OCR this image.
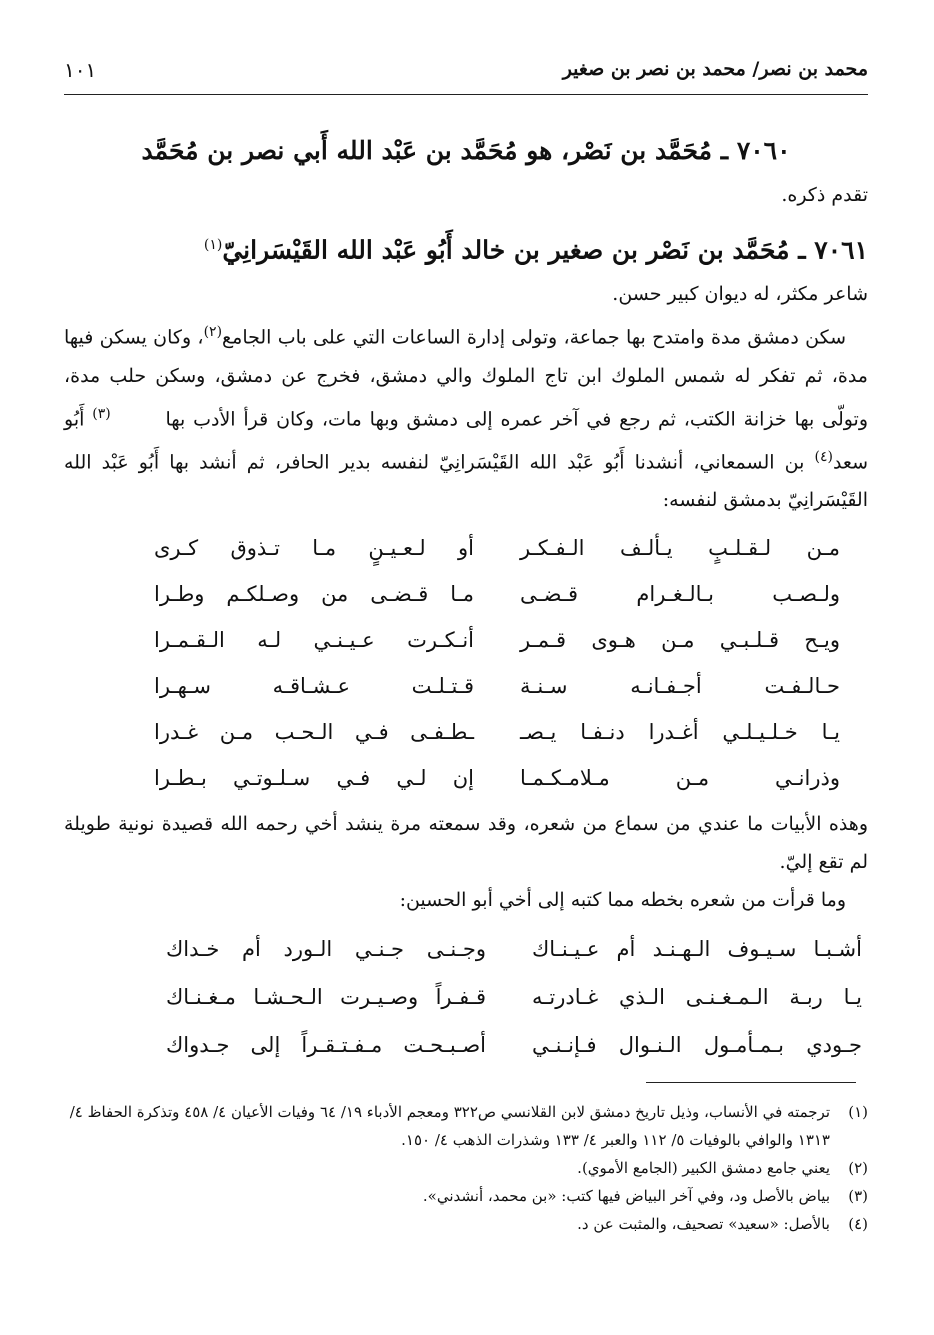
محمد بن نصر/ محمد بن نصر بن صغير
١٠١
٧٠٦٠ ـ مُحَمَّد بن نَصْر، هو مُحَمَّد بن عَبْد الله أَبي نصر بن مُحَمَّد
تقدم ذكره.
٧٠٦١ ـ مُحَمَّد بن نَصْر بن صغير بن خالد أَبُو عَبْد الله القَيْسَرانِيّ$^{(١)}$
شاعر مكثر، له ديوان كبير حسن.
سكن دمشق مدة وامتدح بها جماعة، وتولى إدارة الساعات التي على باب الجامع$^{(٢)}$، وكان يسكن فيها مدة، ثم تفكر له شمس الملوك ابن تاج الملوك والي دمشق، فخرج عن دمشق، وسكن حلب مدة، وتولّى بها خزانة الكتب، ثم رجع في آخر عمره إلى دمشق وبها مات، وكان قرأ الأدب بها       $^{(٣)}$ أَبُو سعد$^{(٤)}$ بن السمعاني، أنشدنا أَبُو عَبْد الله القَيْسَرانِيّ لنفسه بدير الحافر، ثم أنشد بها أَبُو عَبْد الله القَيْسَرانِيّ بدمشق لنفسه:
مـن لـقـلـبٍ يـألـف الـفـكـر
أو لـعـيـنٍ مـا تـذوق كـرى
ولـصـب بـالـغـرام قـضـى
مـا قـضـى من وصـلكـم وطـرا
ويـح قـلـبـي مـن هـوى قـمـر
أنـكـرت عـيـنـي لـه الـقـمـرا
حـالـفـت أجـفـانـه سـنـة
قـتـلـت عـشـاقـه سـهـرا
يـا خـلـيـلـي أغـدرا دنـفـا يـصـ
ـطـفـى فـي الـحـب مـن غـدرا
وذرانـي مـن مـلامـكـمـا
إن لـي فـي سـلـوتـي بـطـرا
وهذه الأبيات ما عندي من سماع من شعره، وقد سمعته مرة ينشد أخي رحمه الله قصيدة نونية طويلة لم تقع إليّ.
وما قرأت من شعره بخطه مما كتبه إلى أخي أبو الحسين:
أشـبـا سـيـوف الـهـنـد أم عـيـنـاك
وجـنـى جـنـي الـورد أم خـداك
يـا ربـة الـمـغـنـى الـذي غـادرتـه
قـفـراً وصـيـرت الـحـشـا مـغـنـاك
جـودي بـمـأمـول الـنـوال فـإنـنـي
أصـبـحـت مـفـتـقـراً إلى جـدواك
(١)
ترجمته في الأنساب، وذيل تاريخ دمشق لابن القلانسي ص٣٢٢ ومعجم الأدباء ١٩/ ٦٤ وفيات الأعيان ٤/ ٤٥٨ وتذكرة الحفاظ ٤/ ١٣١٣ والوافي بالوفيات ٥/ ١١٢ والعبر ٤/ ١٣٣ وشذرات الذهب ٤/ ١٥٠.
(٢)
يعني جامع دمشق الكبير (الجامع الأموي).
(٣)
بياض بالأصل ود، وفي آخر البياض فيها كتب: «بن محمد، أنشدني».
(٤)
بالأصل: «سعيد» تصحيف، والمثبت عن د.
